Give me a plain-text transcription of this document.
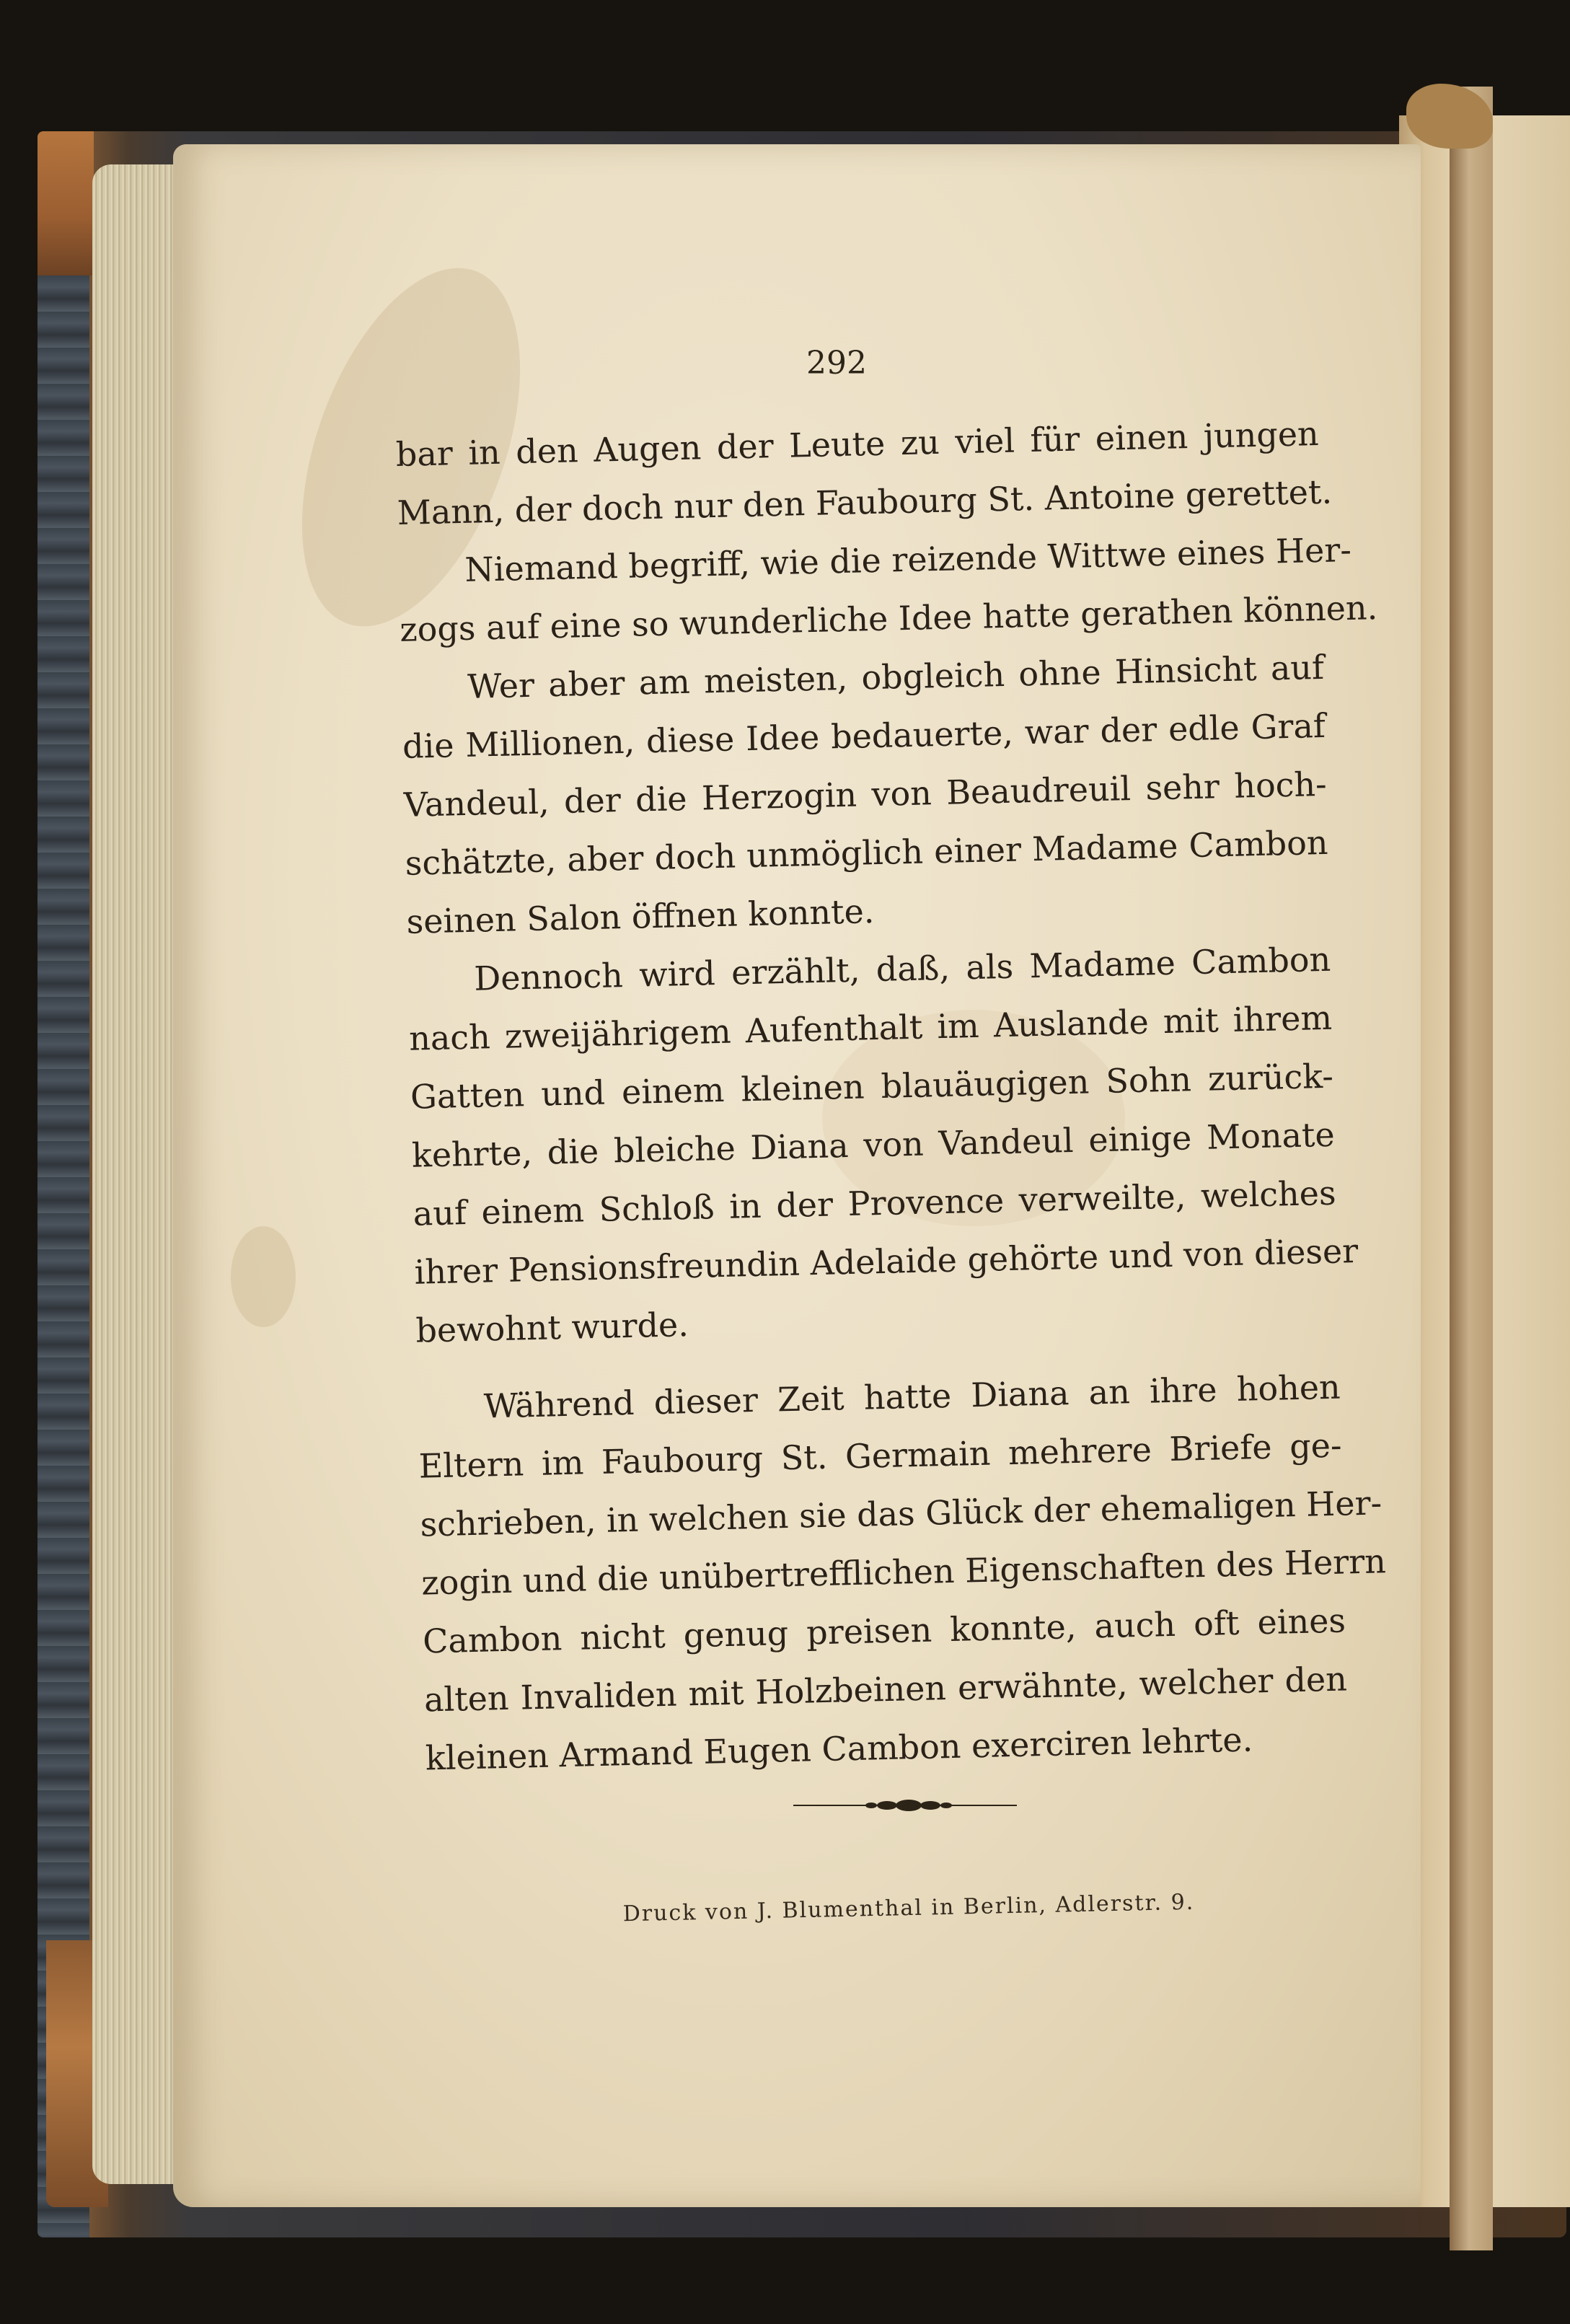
292
bar in den Augen der Leute zu viel für einen jungen
Mann, der doch nur den Faubourg St. Antoine gerettet.
Niemand begriff, wie die reizende Wittwe eines Her-
zogs auf eine so wunderliche Idee hatte gerathen können.
Wer aber am meisten, obgleich ohne Hinsicht auf
die Millionen, diese Idee bedauerte, war der edle Graf
Vandeul, der die Herzogin von Beaudreuil sehr hoch-
schätzte, aber doch unmöglich einer Madame Cambon
seinen Salon öffnen konnte.
Dennoch wird erzählt, daß, als Madame Cambon
nach zweijährigem Aufenthalt im Auslande mit ihrem
Gatten und einem kleinen blauäugigen Sohn zurück-
kehrte, die bleiche Diana von Vandeul einige Monate
auf einem Schloß in der Provence verweilte, welches
ihrer Pensionsfreundin Adelaide gehörte und von dieser
bewohnt wurde.
Während dieser Zeit hatte Diana an ihre hohen
Eltern im Faubourg St. Germain mehrere Briefe ge-
schrieben, in welchen sie das Glück der ehemaligen Her-
zogin und die unübertrefflichen Eigenschaften des Herrn
Cambon nicht genug preisen konnte, auch oft eines
alten Invaliden mit Holzbeinen erwähnte, welcher den
kleinen Armand Eugen Cambon exerciren lehrte.
Druck von J. Blumenthal in Berlin, Adlerstr. 9.
